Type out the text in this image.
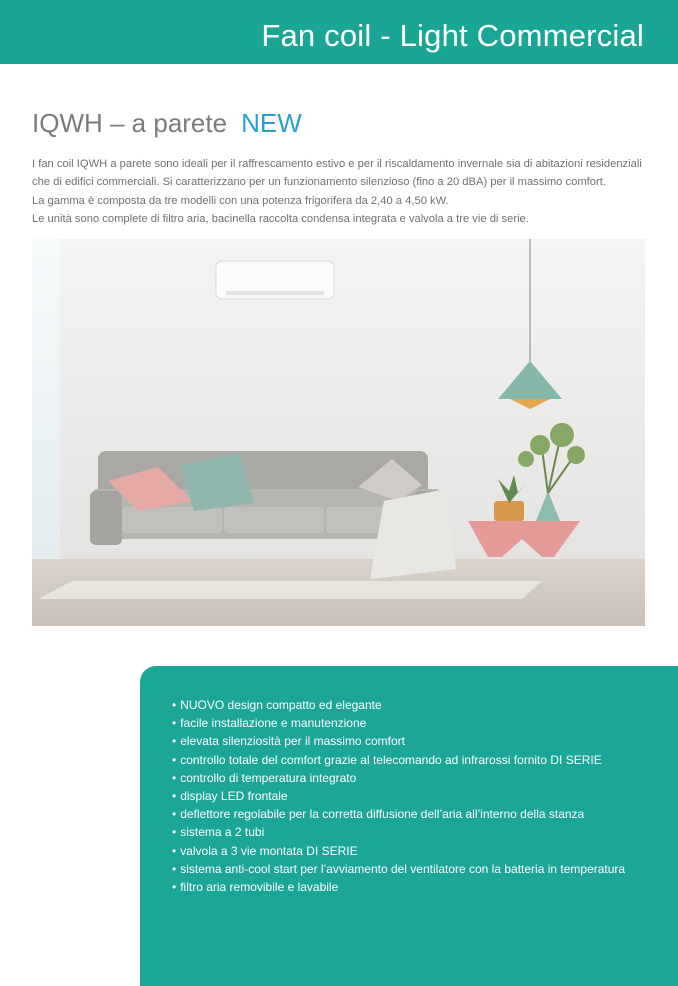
Fan coil - Light Commercial
IQWH – a parete NEW

I fan coil IQWH a parete sono ideali per il raffrescamento estivo e per il riscaldamento invernale sia di abitazioni residenziali

che di edifici commerciali. Si caratterizzano per un funzionamento silenzioso (fino a 20 dBA) per il massimo comfort.

La gamma è composta da tre modelli con una potenza frigorifera da 2,40 a 4,50 kW.

Le unità sono complete di filtro aria, bacinella raccolta condensa integrata e valvola a tre vie di serie.

• NUOVO design compatto ed elegante
• facile installazione e manutenzione
• elevata silenziosità per il massimo comfort
• controllo totale del comfort grazie al telecomando ad infrarossi fornito DI SERIE
• controllo di temperatura integrato
• display LED frontale
• deflettore regolabile per la corretta diffusione dell’aria all’interno della stanza
• sistema a 2 tubi
• valvola a 3 vie montata DI SERIE
• sistema anti-cool start per l’avviamento del ventilatore con la batteria in temperatura
• filtro aria removibile e lavabile
